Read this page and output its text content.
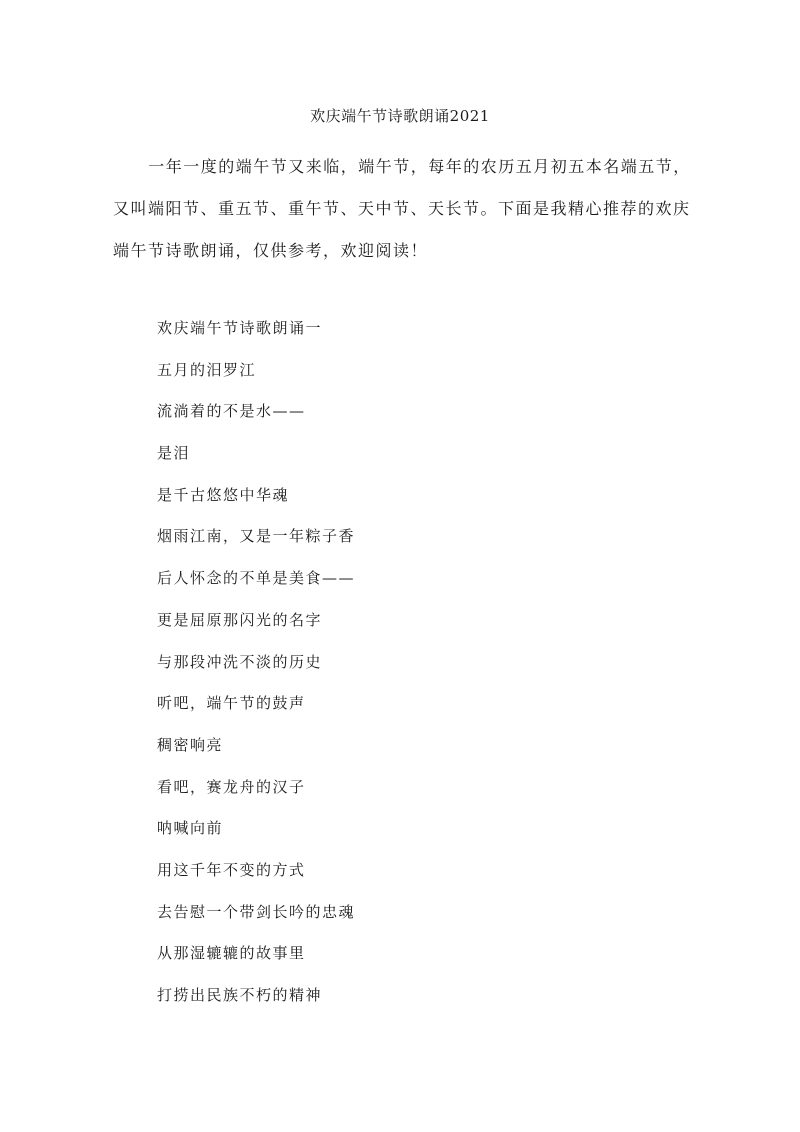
欢庆端午节诗歌朗诵2021
一年一度的端午节又来临，端午节，每年的农历五月初五本名端五节，又叫端阳节、重五节、重午节、天中节、天长节。下面是我精心推荐的欢庆端午节诗歌朗诵，仅供参考，欢迎阅读！
欢庆端午节诗歌朗诵一
五月的汨罗江
流淌着的不是水——
是泪
是千古悠悠中华魂
烟雨江南，又是一年粽子香
后人怀念的不单是美食——
更是屈原那闪光的名字
与那段冲洗不淡的历史
听吧，端午节的鼓声
稠密响亮
看吧，赛龙舟的汉子
呐喊向前
用这千年不变的方式
去告慰一个带剑长吟的忠魂
从那湿辘辘的故事里
打捞出民族不朽的精神
